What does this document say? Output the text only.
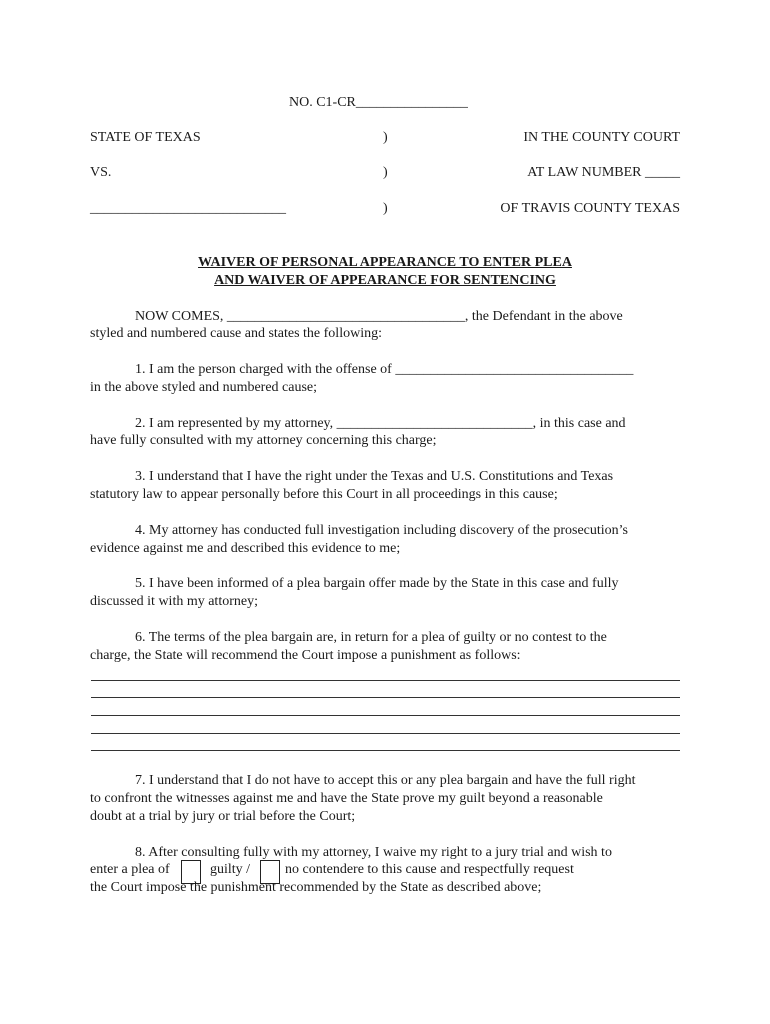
NO. C1-CR________________
STATE OF TEXAS	)	IN THE COUNTY COURT
VS.	)	AT LAW NUMBER _____
____________________________	)	OF TRAVIS COUNTY TEXAS
WAIVER OF PERSONAL APPEARANCE TO ENTER PLEA
AND WAIVER OF APPEARANCE FOR SENTENCING
NOW COMES, __________________________________, the Defendant in the above
styled and numbered cause and states the following:
1. I am the person charged with the offense of __________________________________
in the above styled and numbered cause;
2. I am represented by my attorney, ____________________________, in this case and
have fully consulted with my attorney concerning this charge;
3. I understand that I have the right under the Texas and U.S. Constitutions and Texas
statutory law to appear personally before this Court in all proceedings in this cause;
4. My attorney has conducted full investigation including discovery of the prosecution’s
evidence against me and described this evidence to me;
5. I have been informed of a plea bargain offer made by the State in this case and fully
discussed it with my attorney;
6. The terms of the plea bargain are, in return for a plea of guilty or no contest to the
charge, the State will recommend the Court impose a punishment as follows:
7. I understand that I do not have to accept this or any plea bargain and have the full right
to confront the witnesses against me and have the State prove my guilt beyond a reasonable
doubt at a trial by jury or trial before the Court;
8. After consulting fully with my attorney, I waive my right to a jury trial and wish to
enter a plea of	guilty / no contendere to this cause and respectfully request
the Court impose the punishment recommended by the State as described above;
